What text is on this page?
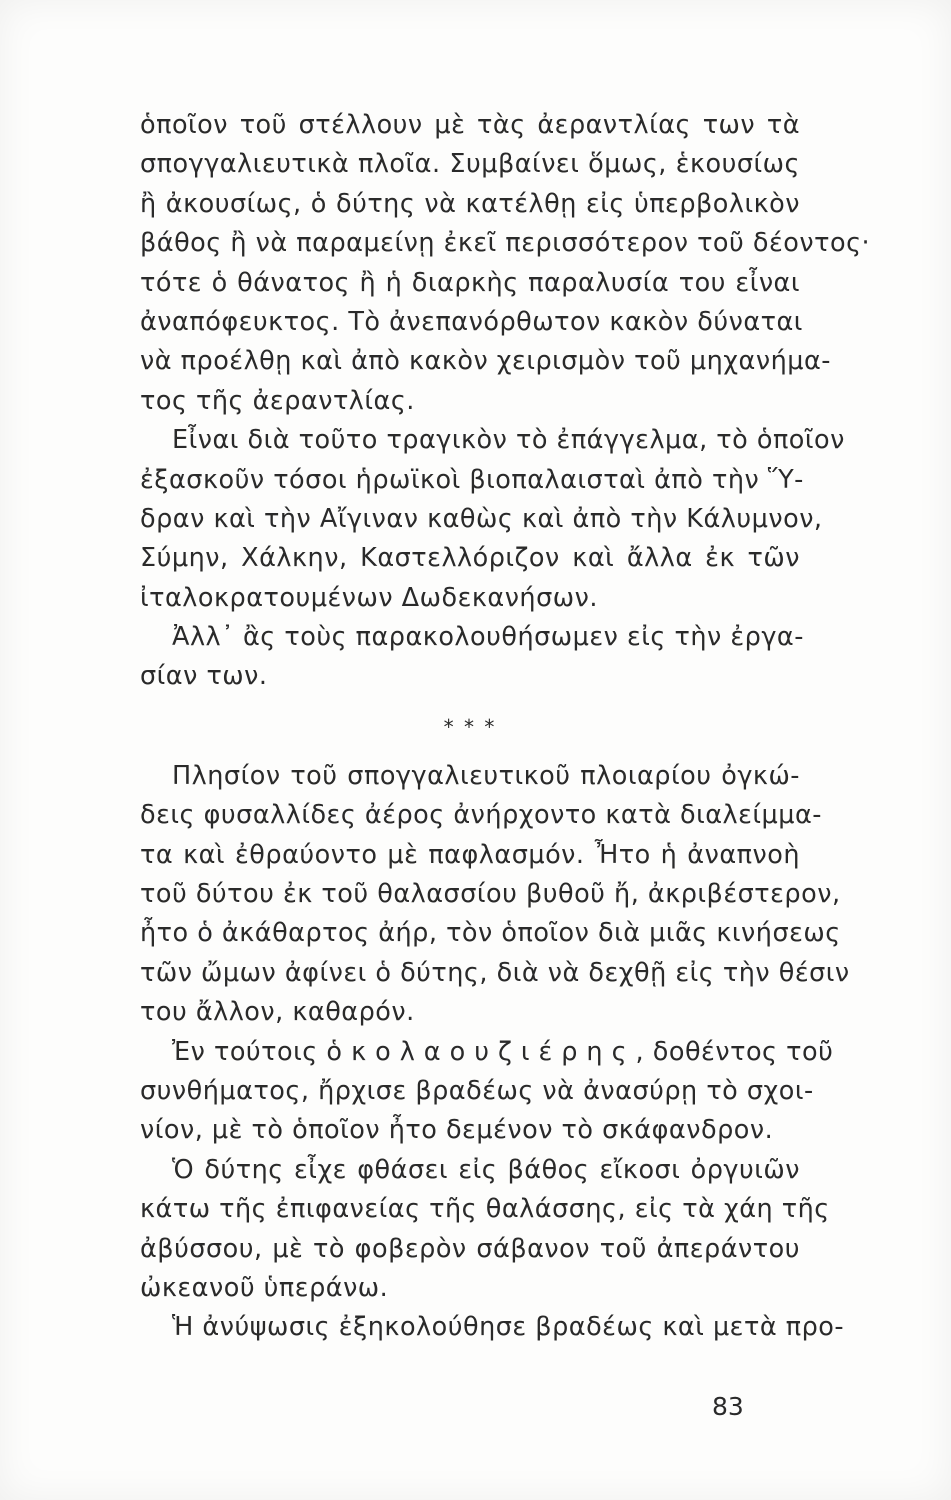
ὁποῖον τοῦ στέλλουν μὲ τὰς ἀεραντλίας των τὰ
σπογγαλιευτικὰ πλοῖα. Συμβαίνει ὅμως, ἑκουσίως
ἢ ἀκουσίως, ὁ δύτης νὰ κατέλθῃ εἰς ὑπερβολικὸν
βάθος ἢ νὰ παραμείνῃ ἐκεῖ περισσότερον τοῦ δέοντος·
τότε ὁ θάνατος ἢ ἡ διαρκὴς παραλυσία του εἶναι
ἀναπόφευκτος. Τὸ ἀνεπανόρθωτον κακὸν δύναται
νὰ προέλθῃ καὶ ἀπὸ κακὸν χειρισμὸν τοῦ μηχανήμα-
τος τῆς ἀεραντλίας.
Εἶναι διὰ τοῦτο τραγικὸν τὸ ἐπάγγελμα, τὸ ὁποῖον
ἐξασκοῦν τόσοι ἡρωϊκοὶ βιοπαλαισταὶ ἀπὸ τὴν Ὕ-
δραν καὶ τὴν Αἴγιναν καθὼς καὶ ἀπὸ τὴν Κάλυμνον,
Σύμην, Χάλκην, Καστελλόριζον καὶ ἄλλα ἐκ τῶν
ἰταλοκρατουμένων Δωδεκανήσων.
Ἀλλ᾽ ἂς τοὺς παρακολουθήσωμεν εἰς τὴν ἐργα-
σίαν των.
* * *
Πλησίον τοῦ σπογγαλιευτικοῦ πλοιαρίου ὀγκώ-
δεις φυσαλλίδες ἀέρος ἀνήρχοντο κατὰ διαλείμμα-
τα καὶ ἐθραύοντο μὲ παφλασμόν. Ἦτο ἡ ἀναπνοὴ
τοῦ δύτου ἐκ τοῦ θαλασσίου βυθοῦ ἤ, ἀκριβέστερον,
ἦτο ὁ ἀκάθαρτος ἀήρ, τὸν ὁποῖον διὰ μιᾶς κινήσεως
τῶν ὤμων ἀφίνει ὁ δύτης, διὰ νὰ δεχθῇ εἰς τὴν θέσιν
του ἄλλον, καθαρόν.
Ἐν τούτοις ὁ κολαουζιέρης, δοθέντος τοῦ
συνθήματος, ἤρχισε βραδέως νὰ ἀνασύρῃ τὸ σχοι-
νίον, μὲ τὸ ὁποῖον ἦτο δεμένον τὸ σκάφανδρον.
Ὁ δύτης εἶχε φθάσει εἰς βάθος εἴκοσι ὀργυιῶν
κάτω τῆς ἐπιφανείας τῆς θαλάσσης, εἰς τὰ χάη τῆς
ἀβύσσου, μὲ τὸ φοβερὸν σάβανον τοῦ ἀπεράντου
ὠκεανοῦ ὑπεράνω.
Ἡ ἀνύψωσις ἐξηκολούθησε βραδέως καὶ μετὰ προ-
83
